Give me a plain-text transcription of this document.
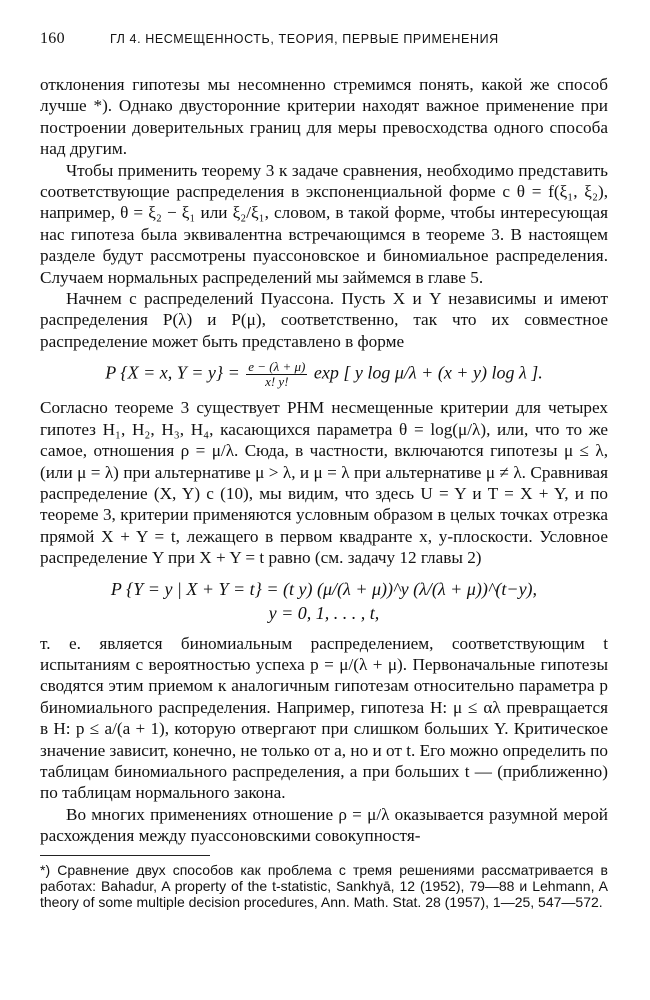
160	ГЛ 4. НЕСМЕЩЕННОСТЬ, ТЕОРИЯ, ПЕРВЫЕ ПРИМЕНЕНИЯ

отклонения гипотезы мы несомненно стремимся понять, какой же способ лучше *). Однако двусторонние критерии находят важное применение при построении доверительных границ для меры превосходства одного способа над другим.

Чтобы применить теорему 3 к задаче сравнения, необходимо представить соответствующие распределения в экспоненциальной форме с θ = f(ξ₁, ξ₂), например, θ = ξ₂ − ξ₁ или ξ₂/ξ₁, словом, в такой форме, чтобы интересующая нас гипотеза была эквивалентна встречающимся в теореме 3. В настоящем разделе будут рассмотрены пуассоновское и биномиальное распределения. Случаем нормальных распределений мы займемся в главе 5.

Начнем с распределений Пуассона. Пусть X и Y независимы и имеют распределения P(λ) и P(μ), соответственно, так что их совместное распределение может быть представлено в форме

P {X = x, $Y = y\} = \frac{e - (\lambda + \mu)}{x! y!}$ exp [ y log μ/λ + (x + y) log λ ].

Согласно теореме 3 существует РНМ несмещенные критерии для четырех гипотез H₁, H₂, H₃, H₄, касающихся параметра θ = log(μ/λ), или, что то же самое, отношения ρ = μ/λ. Сюда, в частности, включаются гипотезы μ ≤ λ, (или μ = λ) при альтернативе μ > λ, и μ = λ при альтернативе μ ≠ λ. Сравнивая распределение (X, Y) с (10), мы видим, что здесь U = Y и T = X + Y, и по теореме 3, критерии применяются условным образом в целых точках отрезка прямой X + Y = t, лежащего в первом квадранте x, y-плоскости. Условное распределение Y при X + Y = t равно (см. задачу 12 главы 2)

P {Y = y | X + Y = t} = (t y) (μ/(λ + μ))^y (λ/(λ + μ))^(t−y),
y = 0, 1, . . . , t,

т. е. является биномиальным распределением, соответствующим t испытаниям с вероятностью успеха p = μ/(λ + μ). Первоначальные гипотезы сводятся этим приемом к аналогичным гипотезам относительно параметра p биномиального распределения. Например, гипотеза H: μ ≤ αλ превращается в H: p ≤ a/(a + 1), которую отвергают при слишком больших Y. Критическое значение зависит, конечно, не только от a, но и от t. Его можно определить по таблицам биномиального распределения, а при больших t — (приближенно) по таблицам нормального закона.

Во многих применениях отношение ρ = μ/λ оказывается разумной мерой расхождения между пуассоновскими совокупностя-

*) Сравнение двух способов как проблема с тремя решениями рассматривается в работах: Bahadur, A property of the t-statistic, Sankhyā, 12 (1952), 79—88 и Lehmann, A theory of some multiple decision procedures, Ann. Math. Stat. 28 (1957), 1—25, 547—572.
